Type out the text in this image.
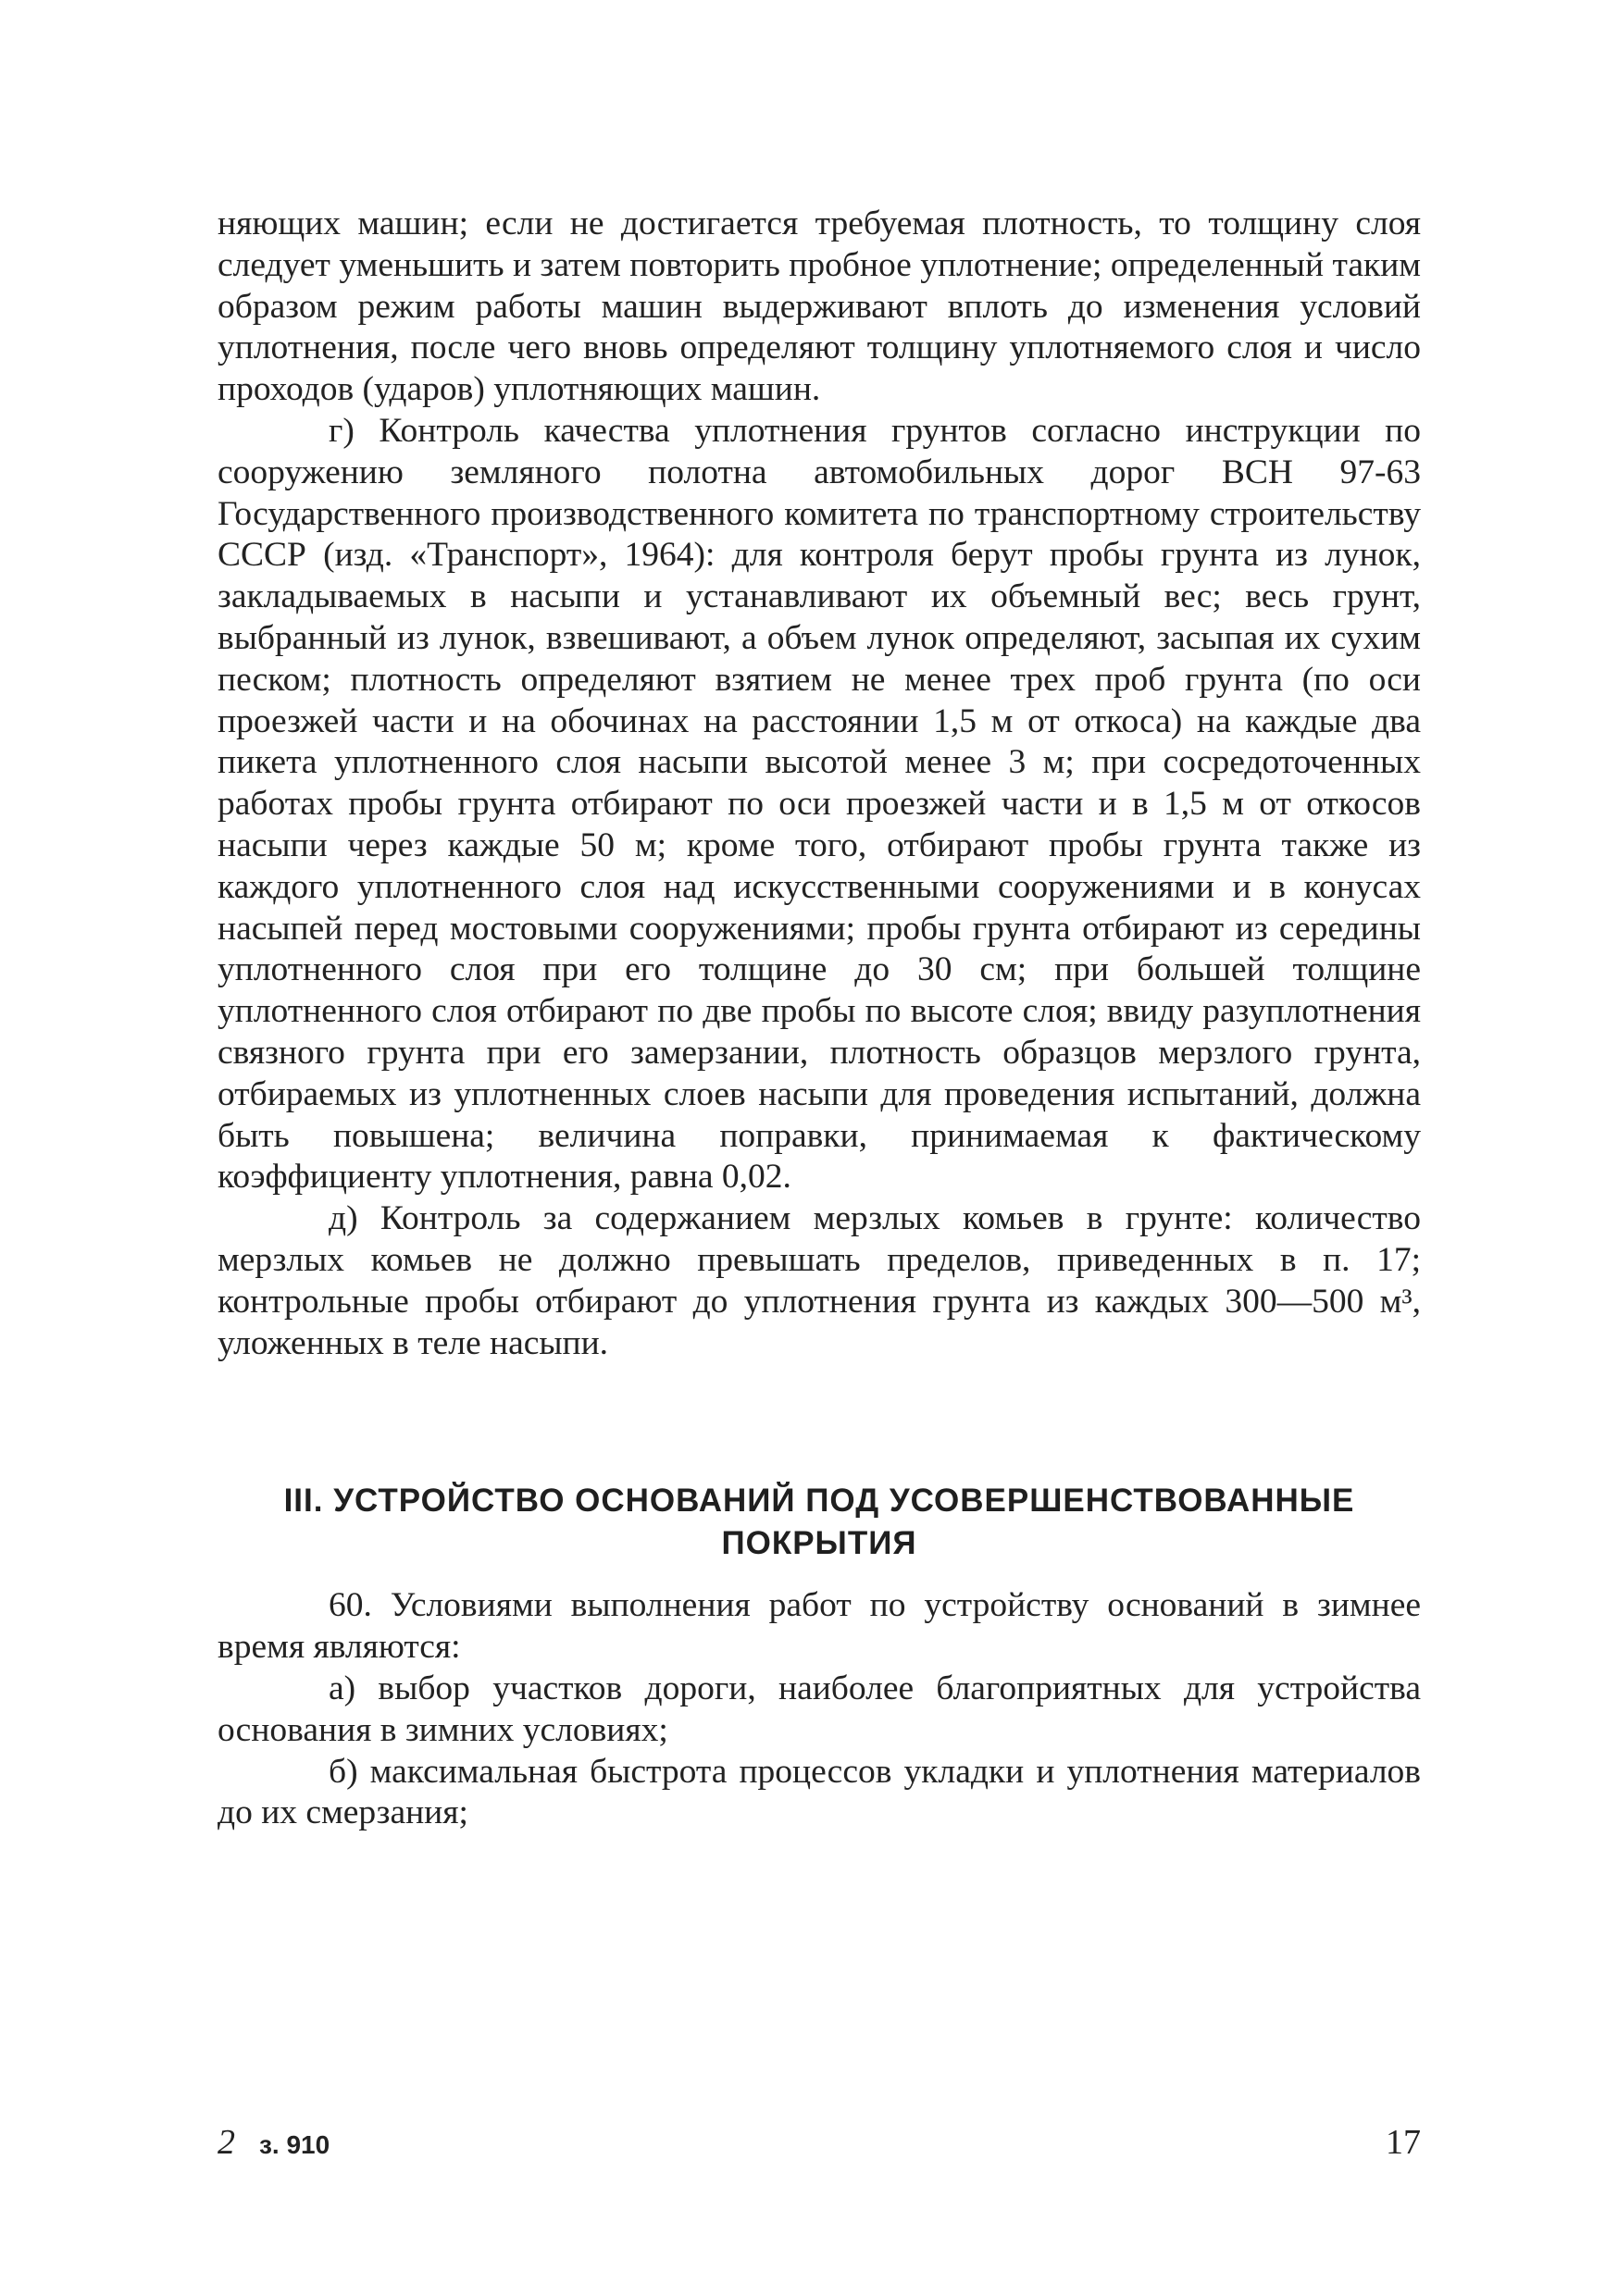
няющих машин; если не достигается требуемая плотность, то толщину слоя следует уменьшить и затем повторить пробное уплотнение; определенный таким образом режим работы машин выдерживают вплоть до изменения условий уплотнения, после чего вновь определяют толщину уплотняемого слоя и число проходов (ударов) уплотняющих машин.

г) Контроль качества уплотнения грунтов согласно инструкции по сооружению земляного полотна автомобильных дорог ВСН 97-63 Государственного производственного комитета по транспортному строительству СССР (изд. «Транспорт», 1964): для контроля берут пробы грунта из лунок, закладываемых в насыпи и устанавливают их объемный вес; весь грунт, выбранный из лунок, взвешивают, а объем лунок определяют, засыпая их сухим песком; плотность определяют взятием не менее трех проб грунта (по оси проезжей части и на обочинах на расстоянии 1,5 м от откоса) на каждые два пикета уплотненного слоя насыпи высотой менее 3 м; при сосредоточенных работах пробы грунта отбирают по оси проезжей части и в 1,5 м от откосов насыпи через каждые 50 м; кроме того, отбирают пробы грунта также из каждого уплотненного слоя над искусственными сооружениями и в конусах насыпей перед мостовыми сооружениями; пробы грунта отбирают из середины уплотненного слоя при его толщине до 30 см; при большей толщине уплотненного слоя отбирают по две пробы по высоте слоя; ввиду разуплотнения связного грунта при его замерзании, плотность образцов мерзлого грунта, отбираемых из уплотненных слоев насыпи для проведения испытаний, должна быть повышена; величина поправки, принимаемая к фактическому коэффициенту уплотнения, равна 0,02.

д) Контроль за содержанием мерзлых комьев в грунте: количество мерзлых комьев не должно превышать пределов, приведенных в п. 17; контрольные пробы отбирают до уплотнения грунта из каждых 300—500 м³, уложенных в теле насыпи.

III. УСТРОЙСТВО ОСНОВАНИЙ ПОД УСОВЕРШЕНСТВОВАННЫЕ ПОКРЫТИЯ

60. Условиями выполнения работ по устройству оснований в зимнее время являются:

а) выбор участков дороги, наиболее благоприятных для устройства основания в зимних условиях;

б) максимальная быстрота процессов укладки и уплотнения материалов до их смерзания;

2 з. 910	17
